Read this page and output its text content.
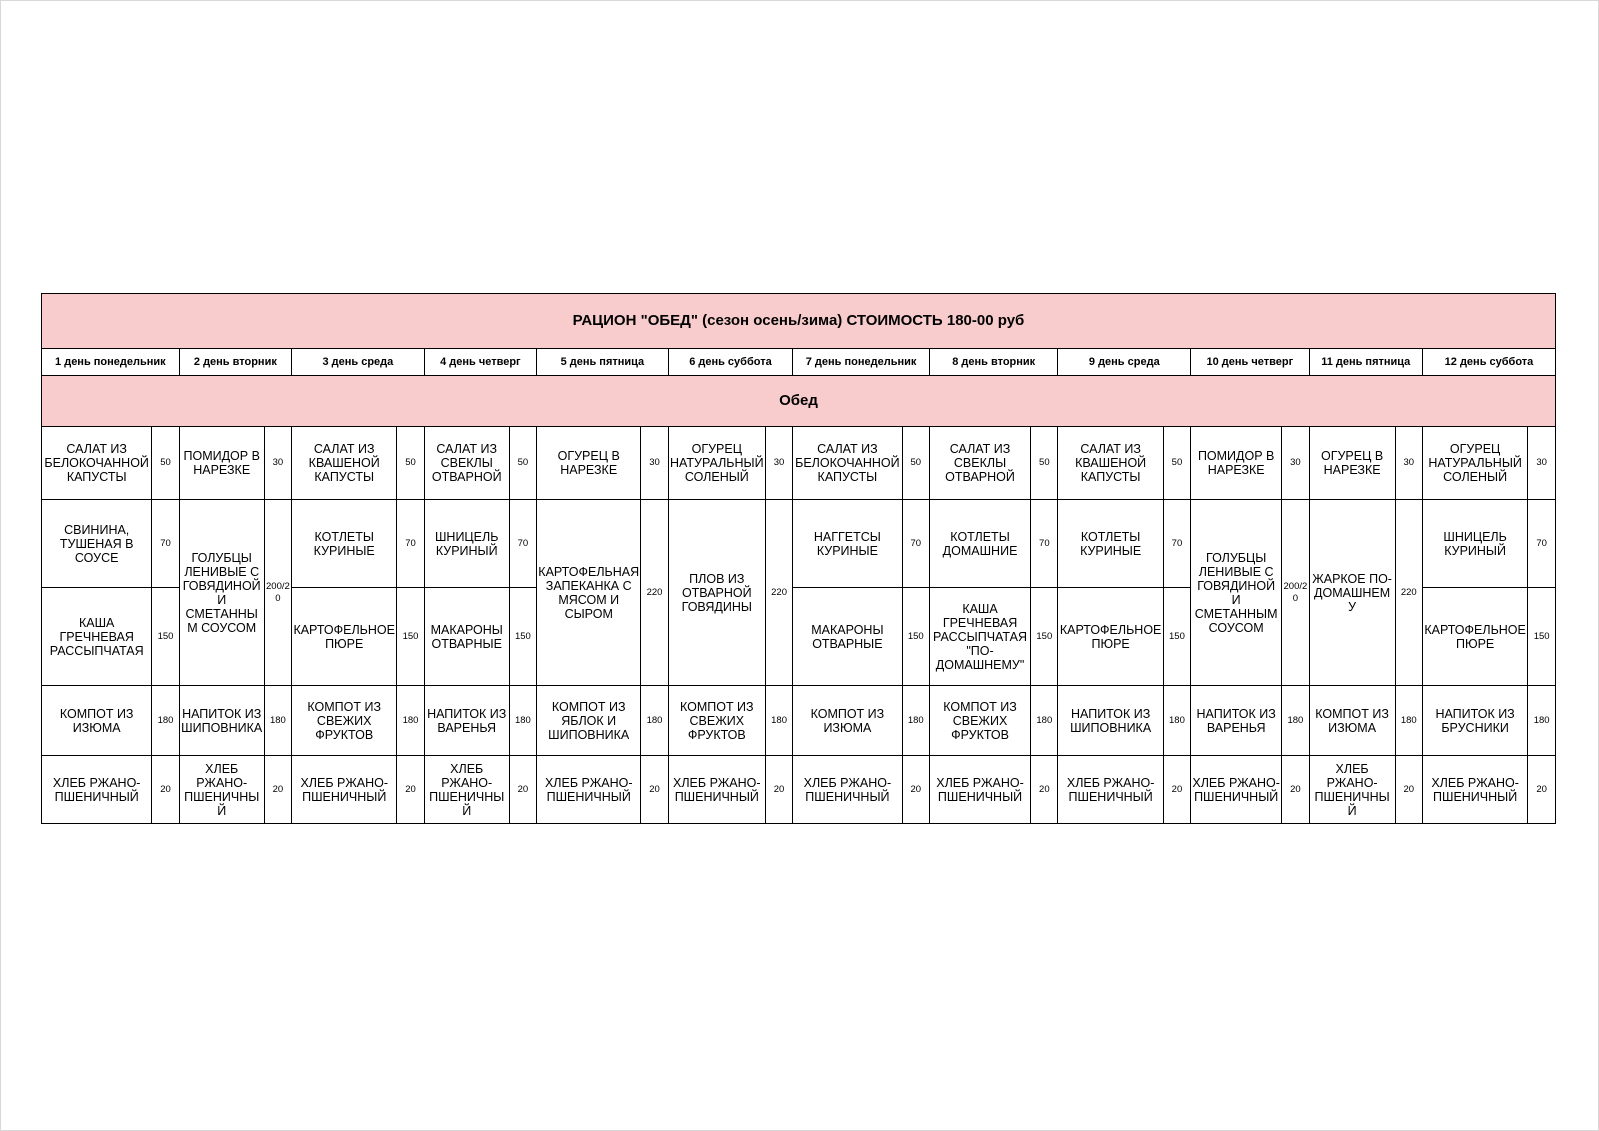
РАЦИОН "ОБЕД" (сезон осень/зима) СТОИМОСТЬ 180-00 руб																							
1 день понедельник		2 день вторник		3 день среда		4 день четверг		5 день пятница		6 день суббота		7 день понедельник		8 день вторник		9 день среда		10 день четверг		11 день пятница		12 день суббота	
Обед																							
САЛАТ ИЗ БЕЛОКОЧАННОЙ КАПУСТЫ	50	ПОМИДОР В НАРЕЗКЕ	30	САЛАТ ИЗ КВАШЕНОЙ КАПУСТЫ	50	САЛАТ ИЗ СВЕКЛЫ ОТВАРНОЙ	50	ОГУРЕЦ В НАРЕЗКЕ	30	ОГУРЕЦ НАТУРАЛЬНЫЙ СОЛЕНЫЙ	30	САЛАТ ИЗ БЕЛОКОЧАННОЙ КАПУСТЫ	50	САЛАТ ИЗ СВЕКЛЫ ОТВАРНОЙ	50	САЛАТ ИЗ КВАШЕНОЙ КАПУСТЫ	50	ПОМИДОР В НАРЕЗКЕ	30	ОГУРЕЦ В НАРЕЗКЕ	30	ОГУРЕЦ НАТУРАЛЬНЫЙ СОЛЕНЫЙ	30
СВИНИНА, ТУШЕНАЯ В СОУСЕ	70	ГОЛУБЦЫ ЛЕНИВЫЕ С ГОВЯДИНОЙ И СМЕТАННЫМ СОУСОМ	200/20	КОТЛЕТЫ КУРИНЫЕ	70	ШНИЦЕЛЬ КУРИНЫЙ	70	КАРТОФЕЛЬНАЯ ЗАПЕКАНКА С МЯСОМ И СЫРОМ	220	ПЛОВ ИЗ ОТВАРНОЙ ГОВЯДИНЫ	220	НАГГЕТСЫ КУРИНЫЕ	70	КОТЛЕТЫ ДОМАШНИЕ	70	КОТЛЕТЫ КУРИНЫЕ	70	ГОЛУБЦЫ ЛЕНИВЫЕ С ГОВЯДИНОЙ И СМЕТАННЫМ СОУСОМ	200/20	ЖАРКОЕ ПО-ДОМАШНЕМУ	220	ШНИЦЕЛЬ КУРИНЫЙ	70
КАША ГРЕЧНЕВАЯ РАССЫПЧАТАЯ	150			КАРТОФЕЛЬНОЕ ПЮРЕ	150	МАКАРОНЫ ОТВАРНЫЕ	150					МАКАРОНЫ ОТВАРНЫЕ	150	КАША ГРЕЧНЕВАЯ РАССЫПЧАТАЯ "ПО-ДОМАШНЕМУ"	150	КАРТОФЕЛЬНОЕ ПЮРЕ	150					КАРТОФЕЛЬНОЕ ПЮРЕ	150
КОМПОТ ИЗ ИЗЮМА	180	НАПИТОК ИЗ ШИПОВНИКА	180	КОМПОТ ИЗ СВЕЖИХ ФРУКТОВ	180	НАПИТОК ИЗ ВАРЕНЬЯ	180	КОМПОТ ИЗ ЯБЛОК И ШИПОВНИКА	180	КОМПОТ ИЗ СВЕЖИХ ФРУКТОВ	180	КОМПОТ ИЗ ИЗЮМА	180	КОМПОТ ИЗ СВЕЖИХ ФРУКТОВ	180	НАПИТОК ИЗ ШИПОВНИКА	180	НАПИТОК ИЗ ВАРЕНЬЯ	180	КОМПОТ ИЗ ИЗЮМА	180	НАПИТОК ИЗ БРУСНИКИ	180
ХЛЕБ РЖАНО-ПШЕНИЧНЫЙ	20	ХЛЕБ РЖАНО-ПШЕНИЧНЫЙ	20	ХЛЕБ РЖАНО-ПШЕНИЧНЫЙ	20	ХЛЕБ РЖАНО-ПШЕНИЧНЫЙ	20	ХЛЕБ РЖАНО-ПШЕНИЧНЫЙ	20	ХЛЕБ РЖАНО-ПШЕНИЧНЫЙ	20	ХЛЕБ РЖАНО-ПШЕНИЧНЫЙ	20	ХЛЕБ РЖАНО-ПШЕНИЧНЫЙ	20	ХЛЕБ РЖАНО-ПШЕНИЧНЫЙ	20	ХЛЕБ РЖАНО-ПШЕНИЧНЫЙ	20	ХЛЕБ РЖАНО-ПШЕНИЧНЫЙ	20	ХЛЕБ РЖАНО-ПШЕНИЧНЫЙ	20
